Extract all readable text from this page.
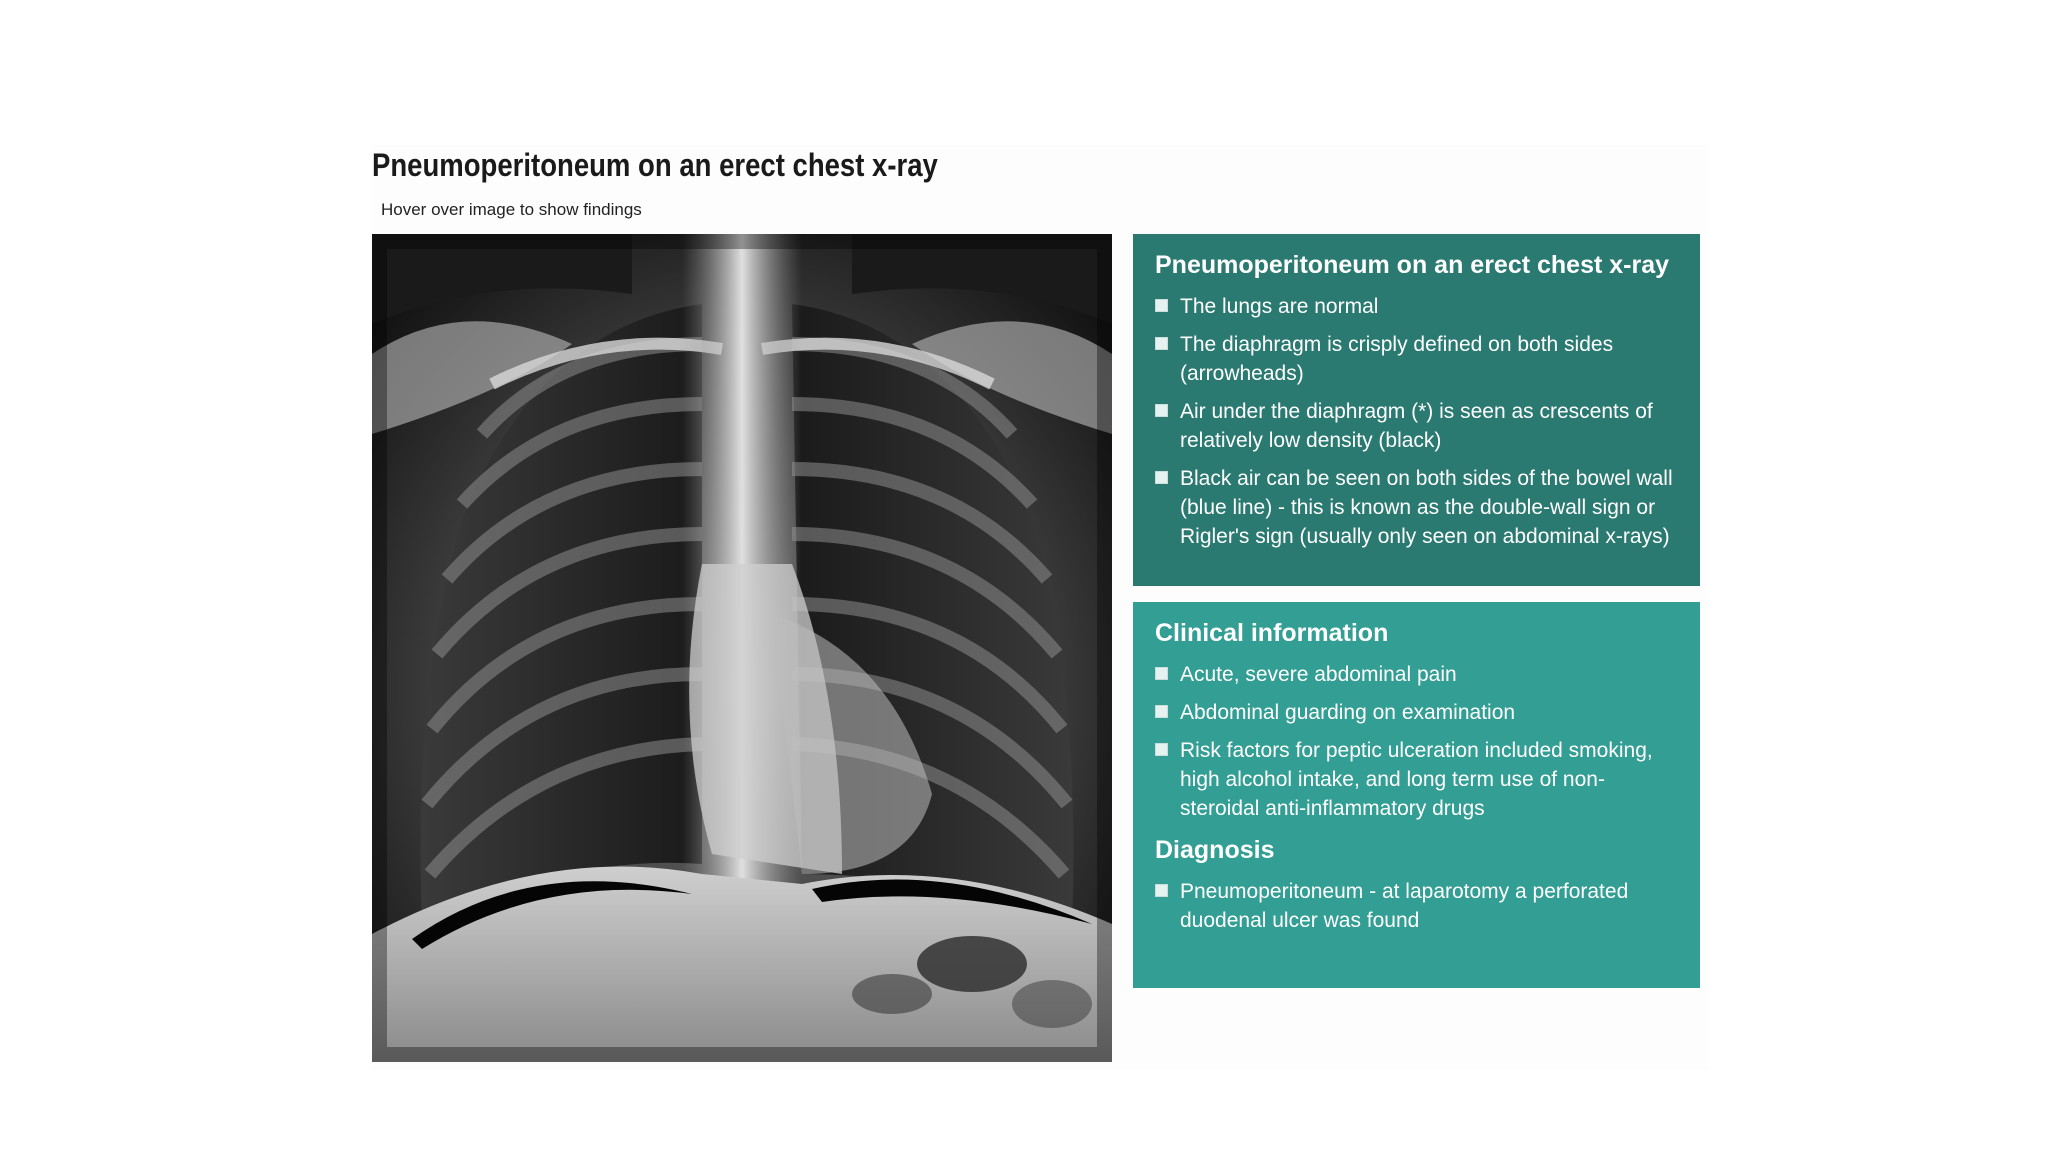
Pneumoperitoneum on an erect chest x-ray
Hover over image to show findings
Pneumoperitoneum on an erect chest x-ray
The lungs are normal
The diaphragm is crisply defined on both sides (arrowheads)
Air under the diaphragm (*) is seen as crescents of relatively low density (black)
Black air can be seen on both sides of the bowel wall (blue line) - this is known as the double-wall sign or Rigler's sign (usually only seen on abdominal x-rays)
Clinical information
Acute, severe abdominal pain
Abdominal guarding on examination
Risk factors for peptic ulceration included smoking, high alcohol intake, and long term use of non-steroidal anti-inflammatory drugs
Diagnosis
Pneumoperitoneum - at laparotomy a perforated duodenal ulcer was found
